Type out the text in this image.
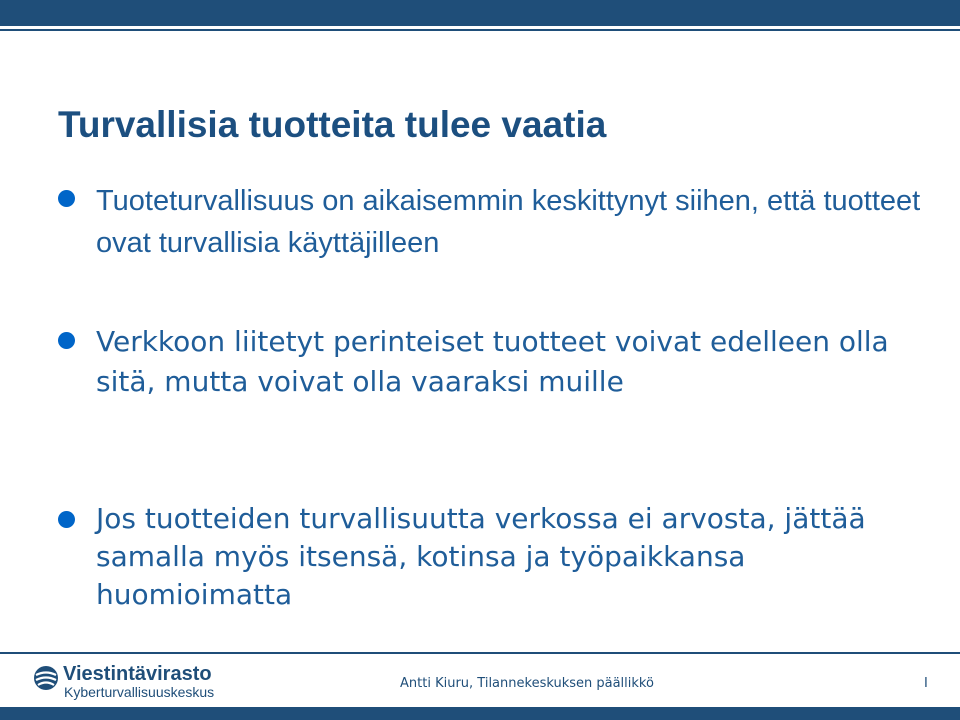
Turvallisia tuotteita tulee vaatia

Tuoteturvallisuus on aikaisemmin keskittynyt siihen, että tuotteet ovat turvallisia käyttäjilleen

Verkkoon liitetyt perinteiset tuotteet voivat edelleen olla sitä, mutta voivat olla vaaraksi muille

Jos tuotteiden turvallisuutta verkossa ei arvosta, jättää samalla myös itsensä, kotinsa ja työpaikkansa huomioimatta

Viestintävirasto

Kyberturvallisuuskeskus

Antti Kiuru, Tilannekeskuksen päällikkö	I
